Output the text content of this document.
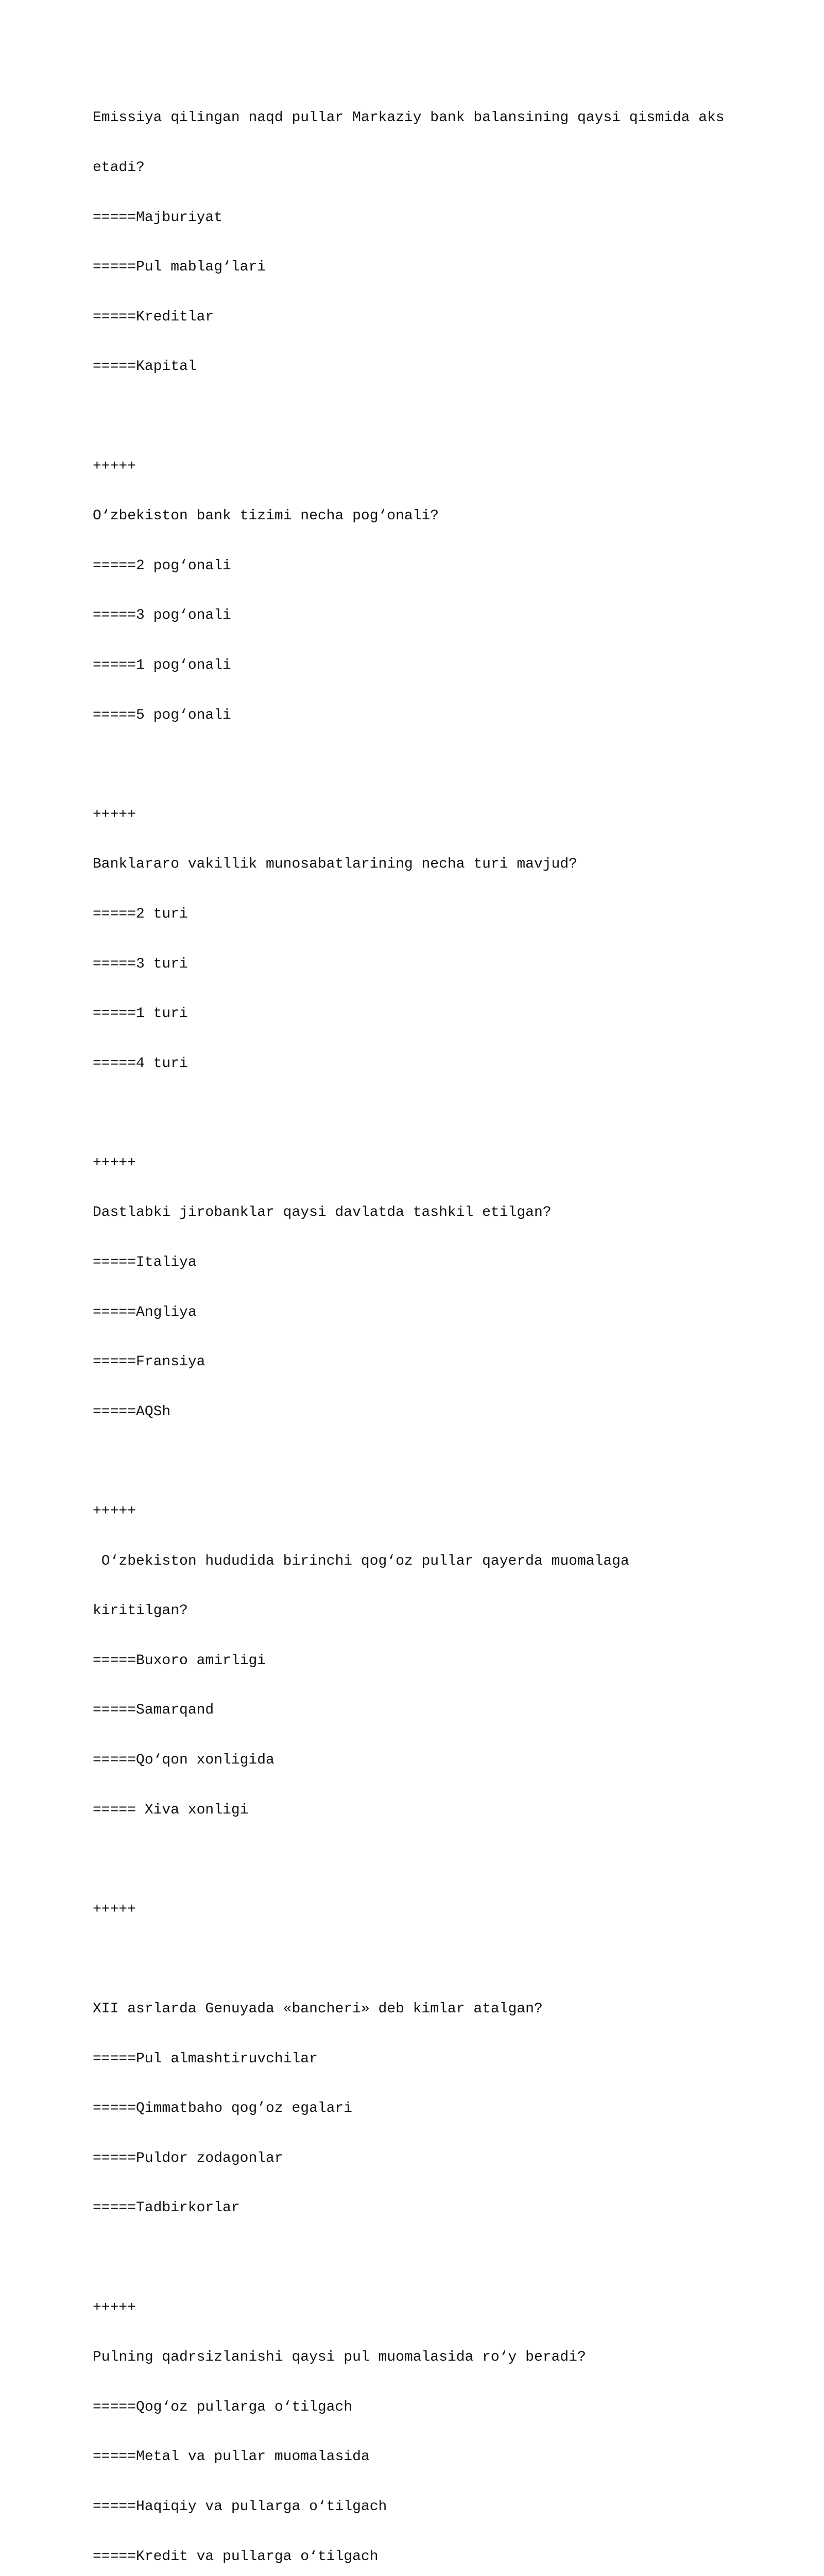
Emissiya qilingan naqd pullar Markaziy bank balansining qaysi qismida aks

etadi?

=====Majburiyat

=====Pul mablag‘lari

=====Kreditlar

=====Kapital

+++++

O‘zbekiston bank tizimi necha pog‘onali?

=====2 pog‘onali

=====3 pog‘onali

=====1 pog‘onali

=====5 pog‘onali

+++++

Banklararo vakillik munosabatlarining necha turi mavjud?

=====2 turi

=====3 turi

=====1 turi

=====4 turi

+++++

Dastlabki jirobanklar qaysi davlatda tashkil etilgan?

=====Italiya

=====Angliya

=====Fransiya

=====AQSh

+++++

O‘zbekiston hududida birinchi qog‘oz pullar qayerda muomalaga

kiritilgan?

=====Buxoro amirligi

=====Samarqand

=====Qo‘qon xonligida

===== Xiva xonligi

+++++

XII asrlarda Genuyada «bancheri» deb kimlar atalgan?

=====Pul almashtiruvchilar

=====Qimmatbaho qog’oz egalari

=====Puldor zodagonlar

=====Tadbirkorlar

+++++

Pulning qadrsizlanishi qaysi pul muomalasida ro‘y beradi?

=====Qog‘oz pullarga o‘tilgach

=====Metal va pullar muomalasida

=====Haqiqiy va pullarga o‘tilgach

=====Kredit va pullarga o‘tilgach
